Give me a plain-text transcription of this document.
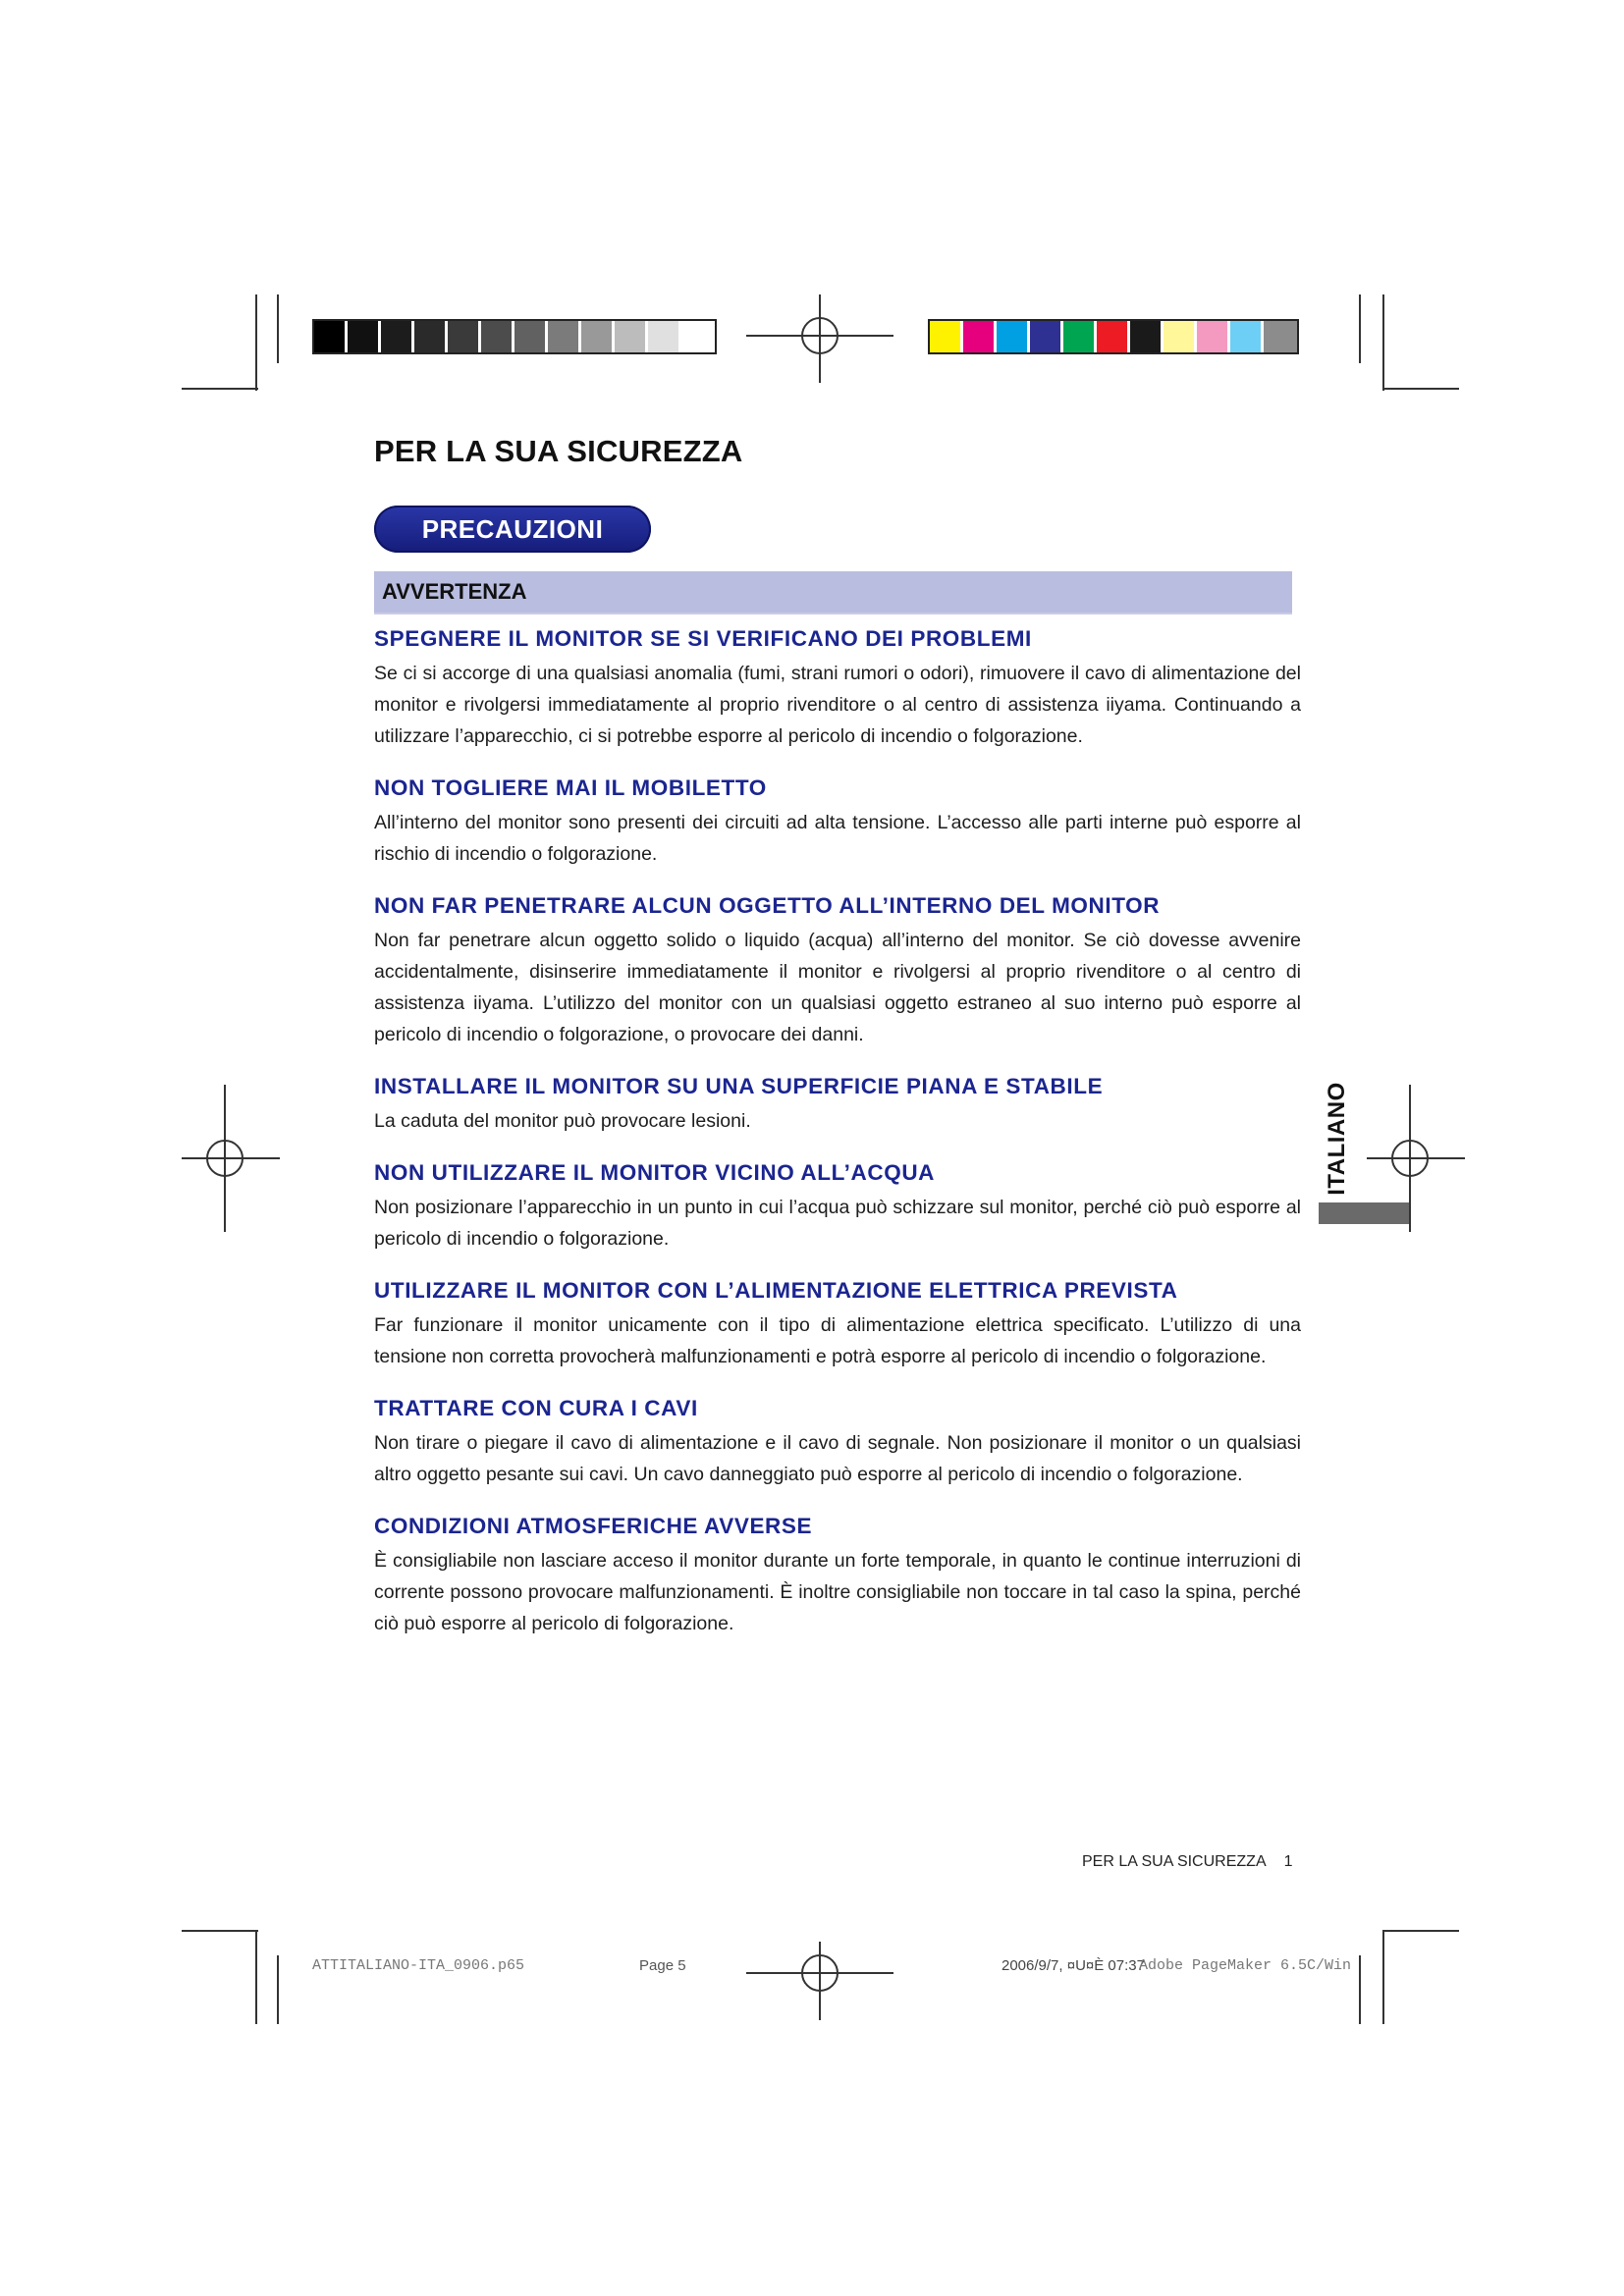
PER LA SUA SICUREZZA
PRECAUZIONI
AVVERTENZA
SPEGNERE IL MONITOR SE SI VERIFICANO DEI PROBLEMI

Se ci si accorge di una qualsiasi anomalia (fumi, strani rumori o odori), rimuovere il cavo di alimentazione del monitor e rivolgersi immediatamente al proprio rivenditore o al centro di assistenza iiyama. Continuando a utilizzare l’apparecchio, ci si potrebbe esporre al pericolo di incendio o folgorazione.

NON TOGLIERE MAI IL MOBILETTO

All’interno del monitor sono presenti dei circuiti ad alta tensione. L’accesso alle parti interne può esporre al rischio di incendio o folgorazione.

NON FAR PENETRARE ALCUN OGGETTO ALL’INTERNO DEL MONITOR

Non far penetrare alcun oggetto solido o liquido (acqua) all’interno del monitor. Se ciò dovesse avvenire accidentalmente, disinserire immediatamente il monitor e rivolgersi al proprio rivenditore o al centro di assistenza iiyama. L’utilizzo del monitor con un qualsiasi oggetto estraneo al suo interno può esporre al pericolo di incendio o folgorazione, o provocare dei danni.

INSTALLARE IL MONITOR SU UNA SUPERFICIE PIANA E STABILE

La caduta del monitor può provocare lesioni.

NON UTILIZZARE IL MONITOR VICINO ALL’ACQUA

Non posizionare l’apparecchio in un punto in cui l’acqua può schizzare sul monitor, perché ciò può esporre al pericolo di incendio o folgorazione.

UTILIZZARE IL MONITOR CON L’ALIMENTAZIONE ELETTRICA PREVISTA

Far funzionare il monitor unicamente con il tipo di alimentazione elettrica specificato. L’utilizzo di una tensione non corretta provocherà malfunzionamenti e potrà esporre al pericolo di incendio o folgorazione.

TRATTARE CON CURA I CAVI

Non tirare o piegare il cavo di alimentazione e il cavo di segnale. Non posizionare il monitor o un qualsiasi altro oggetto pesante sui cavi. Un cavo danneggiato può esporre al pericolo di incendio o folgorazione.

CONDIZIONI ATMOSFERICHE AVVERSE

È consigliabile non lasciare acceso il monitor durante un forte temporale, in quanto le continue interruzioni di corrente possono provocare malfunzionamenti. È inoltre consigliabile non toccare in tal caso la spina, perché ciò può esporre al pericolo di folgorazione.

ITALIANO
PER LA SUA SICUREZZA 1
ATTITALIANO-ITA_0906.p65	Page 5	2006/9/7, ¤U¤È 07:37
Adobe PageMaker 6.5C/Win
